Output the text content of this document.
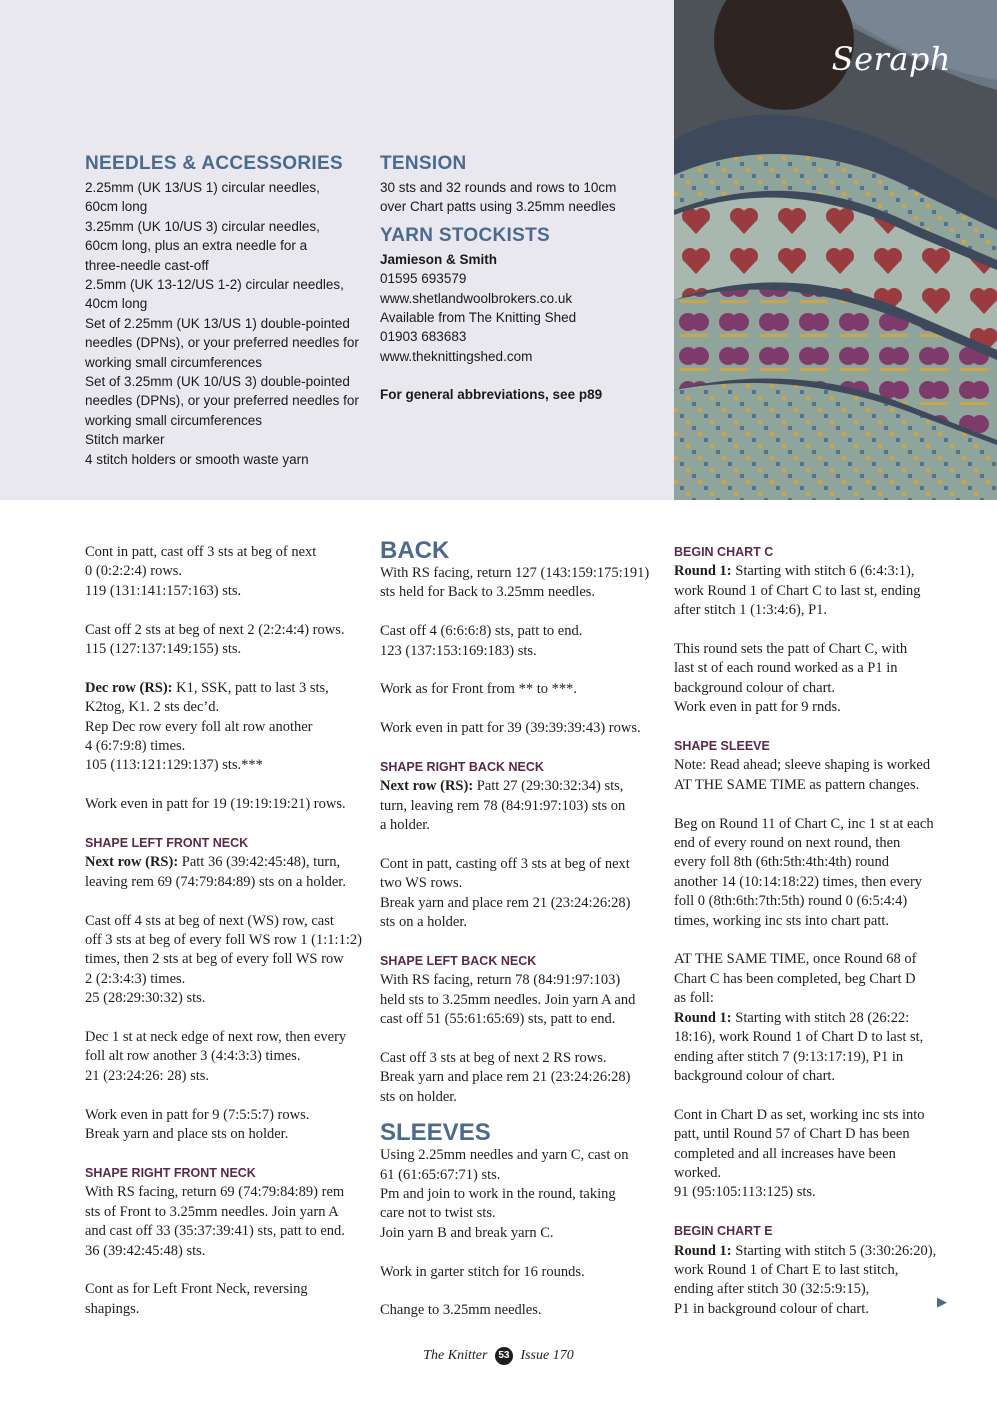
Seraph
NEEDLES & ACCESSORIES
2.25mm (UK 13/US 1) circular needles,
60cm long
3.25mm (UK 10/US 3) circular needles,
60cm long, plus an extra needle for a
three-needle cast-off
2.5mm (UK 13-12/US 1-2) circular needles,
40cm long
Set of 2.25mm (UK 13/US 1) double-pointed
needles (DPNs), or your preferred needles for
working small circumferences
Set of 3.25mm (UK 10/US 3) double-pointed
needles (DPNs), or your preferred needles for
working small circumferences
Stitch marker
4 stitch holders or smooth waste yarn
TENSION
30 sts and 32 rounds and rows to 10cm
over Chart patts using 3.25mm needles
YARN STOCKISTS
Jamieson & Smith
01595 693579
www.shetlandwoolbrokers.co.uk
Available from The Knitting Shed
01903 683683
www.theknittingshed.com
For general abbreviations, see p89

Cont in patt, cast off 3 sts at beg of next
0 (0:2:2:4) rows.
119 (131:141:157:163) sts.

Cast off 2 sts at beg of next 2 (2:2:4:4) rows.
115 (127:137:149:155) sts.

Dec row (RS): K1, SSK, patt to last 3 sts,
K2tog, K1. 2 sts dec’d.
Rep Dec row every foll alt row another
4 (6:7:9:8) times.
105 (113:121:129:137) sts.***

Work even in patt for 19 (19:19:19:21) rows.

SHAPE LEFT FRONT NECK

Next row (RS): Patt 36 (39:42:45:48), turn,
leaving rem 69 (74:79:84:89) sts on a holder.

Cast off 4 sts at beg of next (WS) row, cast
off 3 sts at beg of every foll WS row 1 (1:1:1:2)
times, then 2 sts at beg of every foll WS row
2 (2:3:4:3) times.
25 (28:29:30:32) sts.

Dec 1 st at neck edge of next row, then every
foll alt row another 3 (4:4:3:3) times.
21 (23:24:26: 28) sts.

Work even in patt for 9 (7:5:5:7) rows.
Break yarn and place sts on holder.

SHAPE RIGHT FRONT NECK

With RS facing, return 69 (74:79:84:89) rem
sts of Front to 3.25mm needles. Join yarn A
and cast off 33 (35:37:39:41) sts, patt to end.
36 (39:42:45:48) sts.

Cont as for Left Front Neck, reversing
shapings.

BACK

With RS facing, return 127 (143:159:175:191)
sts held for Back to 3.25mm needles.

Cast off 4 (6:6:6:8) sts, patt to end.
123 (137:153:169:183) sts.

Work as for Front from ** to ***.

Work even in patt for 39 (39:39:39:43) rows.

SHAPE RIGHT BACK NECK

Next row (RS): Patt 27 (29:30:32:34) sts,
turn, leaving rem 78 (84:91:97:103) sts on
a holder.

Cont in patt, casting off 3 sts at beg of next
two WS rows.
Break yarn and place rem 21 (23:24:26:28)
sts on a holder.

SHAPE LEFT BACK NECK

With RS facing, return 78 (84:91:97:103)
held sts to 3.25mm needles. Join yarn A and
cast off 51 (55:61:65:69) sts, patt to end.

Cast off 3 sts at beg of next 2 RS rows.
Break yarn and place rem 21 (23:24:26:28)
sts on holder.

SLEEVES

Using 2.25mm needles and yarn C, cast on
61 (61:65:67:71) sts.
Pm and join to work in the round, taking
care not to twist sts.
Join yarn B and break yarn C.

Work in garter stitch for 16 rounds.

Change to 3.25mm needles.

BEGIN CHART C

Round 1: Starting with stitch 6 (6:4:3:1),
work Round 1 of Chart C to last st, ending
after stitch 1 (1:3:4:6), P1.

This round sets the patt of Chart C, with
last st of each round worked as a P1 in
background colour of chart.
Work even in patt for 9 rnds.

SHAPE SLEEVE

Note: Read ahead; sleeve shaping is worked
AT THE SAME TIME as pattern changes.

Beg on Round 11 of Chart C, inc 1 st at each
end of every round on next round, then
every foll 8th (6th:5th:4th:4th) round
another 14 (10:14:18:22) times, then every
foll 0 (8th:6th:7th:5th) round 0 (6:5:4:4)
times, working inc sts into chart patt.

AT THE SAME TIME, once Round 68 of
Chart C has been completed, beg Chart D
as foll:

Round 1: Starting with stitch 28 (26:22:
18:16), work Round 1 of Chart D to last st,
ending after stitch 7 (9:13:17:19), P1 in
background colour of chart.

Cont in Chart D as set, working inc sts into
patt, until Round 57 of Chart D has been
completed and all increases have been
worked.
91 (95:105:113:125) sts.

BEGIN CHART E

Round 1: Starting with stitch 5 (3:30:26:20),
work Round 1 of Chart E to last stitch,
ending after stitch 30 (32:5:9:15),
P1 in background colour of chart.	▶
The Knitter 53 Issue 170
